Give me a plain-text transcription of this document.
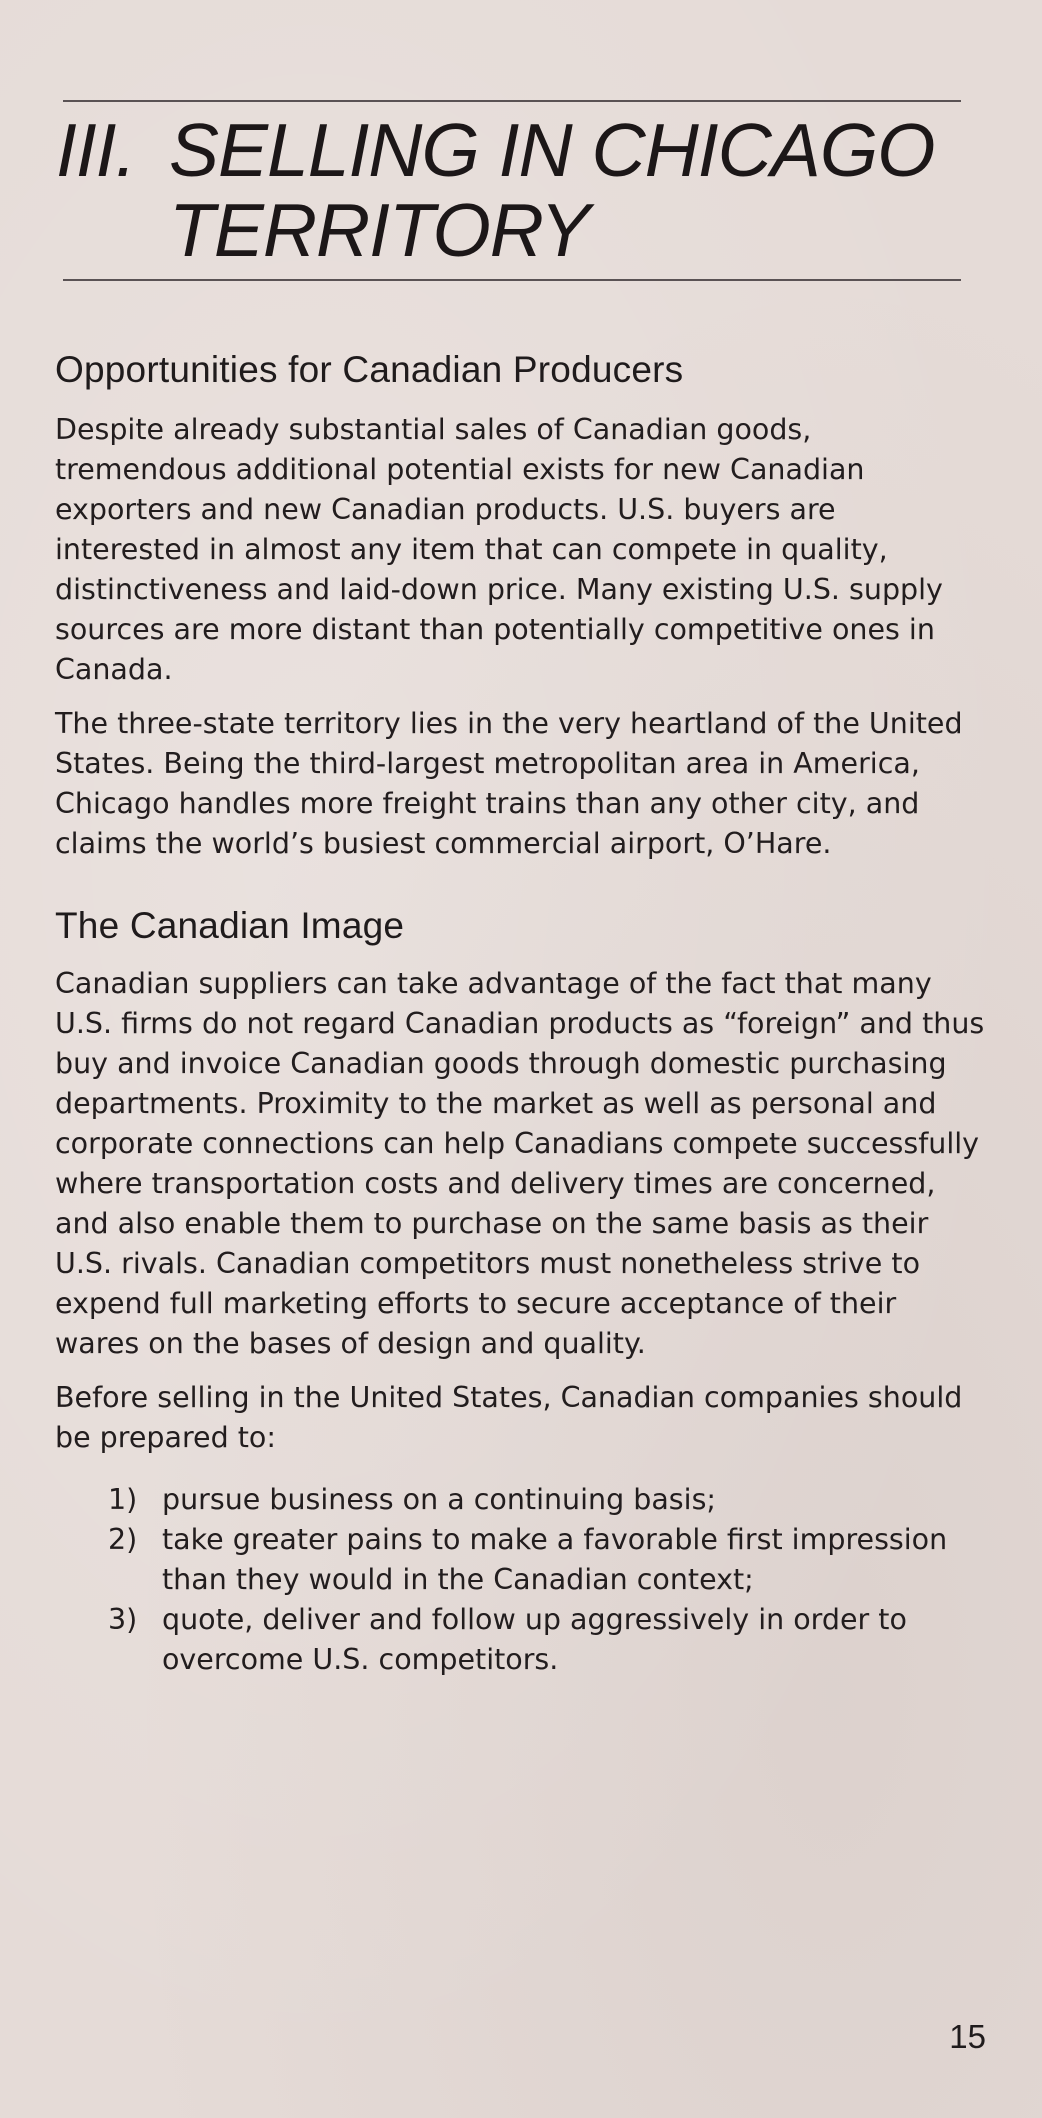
III. SELLING IN CHICAGO
TERRITORY
Opportunities for Canadian Producers

Despite already substantial sales of Canadian goods, tremendous additional potential exists for new Canadian exporters and new Canadian products. U.S. buyers are interested in almost any item that can compete in quality, distinctiveness and laid-down price. Many existing U.S. supply sources are more distant than potentially competitive ones in Canada.

The three-state territory lies in the very heartland of the United States. Being the third-largest metropolitan area in America, Chicago handles more freight trains than any other city, and claims the world’s busiest commercial airport, O’Hare.

The Canadian Image

Canadian suppliers can take advantage of the fact that many U.S. firms do not regard Canadian products as “foreign” and thus buy and invoice Canadian goods through domestic purchasing departments. Proximity to the market as well as personal and corporate connections can help Canadians compete successfully where transportation costs and delivery times are concerned, and also enable them to purchase on the same basis as their U.S. rivals. Canadian competitors must nonetheless strive to expend full marketing efforts to secure acceptance of their wares on the bases of design and quality.

Before selling in the United States, Canadian companies should be prepared to:

1) pursue business on a continuing basis;
2) take greater pains to make a favorable first impression than they would in the Canadian context;
3) quote, deliver and follow up aggressively in order to overcome U.S. competitors.
15
